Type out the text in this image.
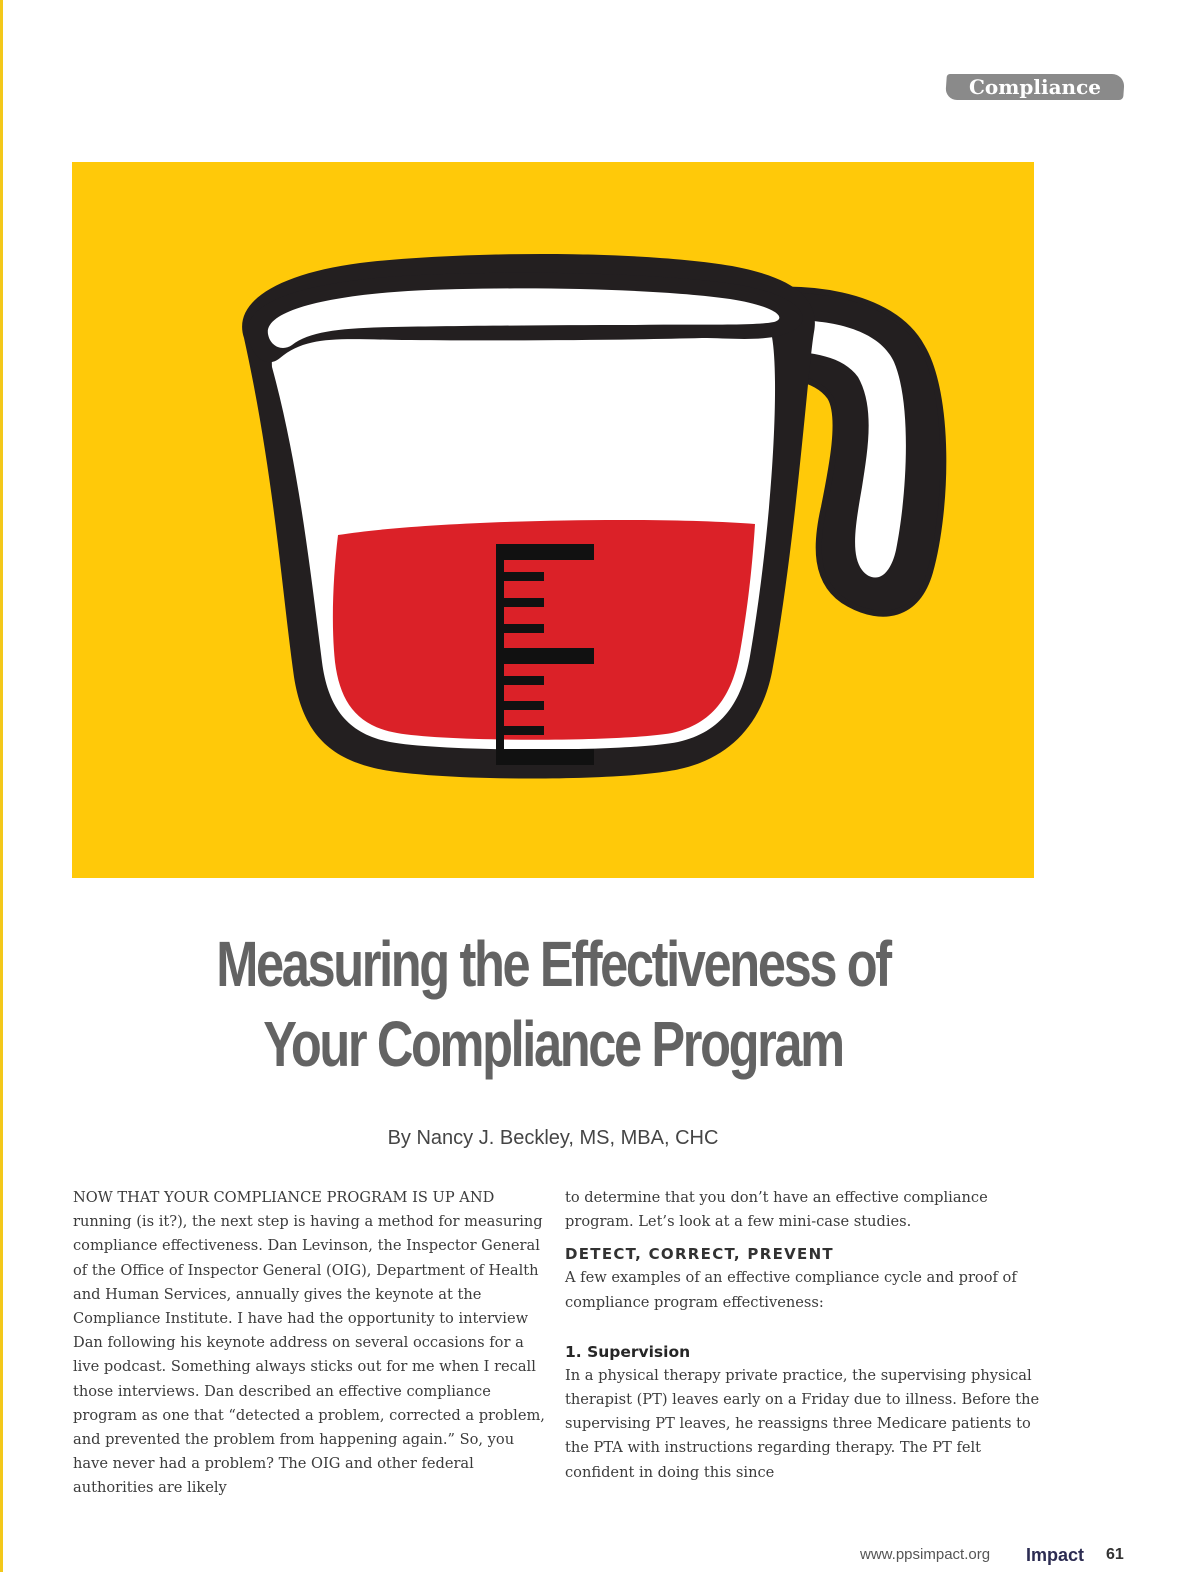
Compliance
Measuring the Effectiveness of
Your Compliance Program
By Nancy J. Beckley, MS, MBA, CHC

NOW THAT YOUR COMPLIANCE PROGRAM IS UP AND running (is it?), the next step is having a method for measuring compliance effectiveness. Dan Levinson, the Inspector General of the Office of Inspector General (OIG), Department of Health and Human Services, annually gives the keynote at the Compliance Institute. I have had the opportunity to interview Dan following his keynote address on several occasions for a live podcast. Something always sticks out for me when I recall those interviews. Dan described an effective compliance program as one that “detected a problem, corrected a problem, and prevented the problem from happening again.” So, you have never had a problem? The OIG and other federal authorities are likely

to determine that you don’t have an effective compliance program. Let’s look at a few mini-case studies.

DETECT, CORRECT, PREVENT

A few examples of an effective compliance cycle and proof of compliance program effectiveness:

1. Supervision

In a physical therapy private practice, the supervising physical therapist (PT) leaves early on a Friday due to illness. Before the supervising PT leaves, he reassigns three Medicare patients to the PTA with instructions regarding therapy. The PT felt confident in doing this since

www.ppsimpact.org Impact 61
